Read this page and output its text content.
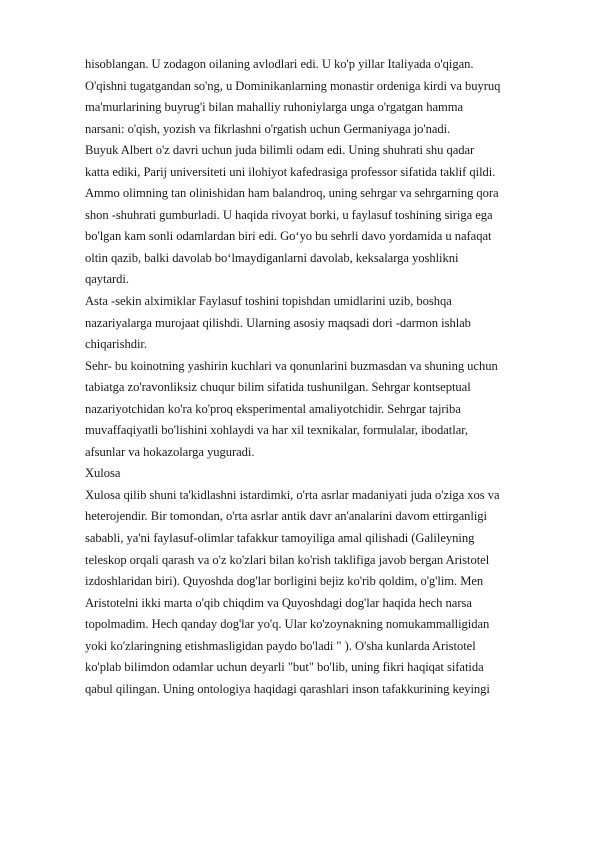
hisoblangan. U zodagon oilaning avlodlari edi. U ko'p yillar Italiyada o'qigan.
O'qishni tugatgandan so'ng, u Dominikanlarning monastir ordeniga kirdi va buyruq
ma'murlarining buyrug'i bilan mahalliy ruhoniylarga unga o'rgatgan hamma
narsani: o'qish, yozish va fikrlashni o'rgatish uchun Germaniyaga jo'nadi.
Buyuk Albert o'z davri uchun juda bilimli odam edi. Uning shuhrati shu qadar
katta ediki, Parij universiteti uni ilohiyot kafedrasiga professor sifatida taklif qildi.
Ammo olimning tan olinishidan ham balandroq, uning sehrgar va sehrgarning qora
shon -shuhrati gumburladi. U haqida rivoyat borki, u faylasuf toshining siriga ega
bo'lgan kam sonli odamlardan biri edi. Go‘yo bu sehrli davo yordamida u nafaqat
oltin qazib, balki davolab bo‘lmaydiganlarni davolab, keksalarga yoshlikni
qaytardi.
Asta -sekin alximiklar Faylasuf toshini topishdan umidlarini uzib, boshqa
nazariyalarga murojaat qilishdi. Ularning asosiy maqsadi dori -darmon ishlab
chiqarishdir.
Sehr- bu koinotning yashirin kuchlari va qonunlarini buzmasdan va shuning uchun
tabiatga zo'ravonliksiz chuqur bilim sifatida tushunilgan. Sehrgar kontseptual
nazariyotchidan ko'ra ko'proq eksperimental amaliyotchidir. Sehrgar tajriba
muvaffaqiyatli bo'lishini xohlaydi va har xil texnikalar, formulalar, ibodatlar,
afsunlar va hokazolarga yuguradi.
Xulosa
Xulosa qilib shuni ta'kidlashni istardimki, o'rta asrlar madaniyati juda o'ziga xos va
heterojendir. Bir tomondan, o'rta asrlar antik davr an'analarini davom ettirganligi
sababli, ya'ni faylasuf-olimlar tafakkur tamoyiliga amal qilishadi (Galileyning
teleskop orqali qarash va o'z ko'zlari bilan ko'rish taklifiga javob bergan Aristotel
izdoshlaridan biri). Quyoshda dog'lar borligini bejiz ko'rib qoldim, o'g'lim. Men
Aristotelni ikki marta o'qib chiqdim va Quyoshdagi dog'lar haqida hech narsa
topolmadim. Hech qanday dog'lar yo'q. Ular ko'zoynakning nomukammalligidan
yoki ko'zlaringning etishmasligidan paydo bo'ladi " ). O'sha kunlarda Aristotel
ko'plab bilimdon odamlar uchun deyarli "but" bo'lib, uning fikri haqiqat sifatida
qabul qilingan. Uning ontologiya haqidagi qarashlari inson tafakkurining keyingi
